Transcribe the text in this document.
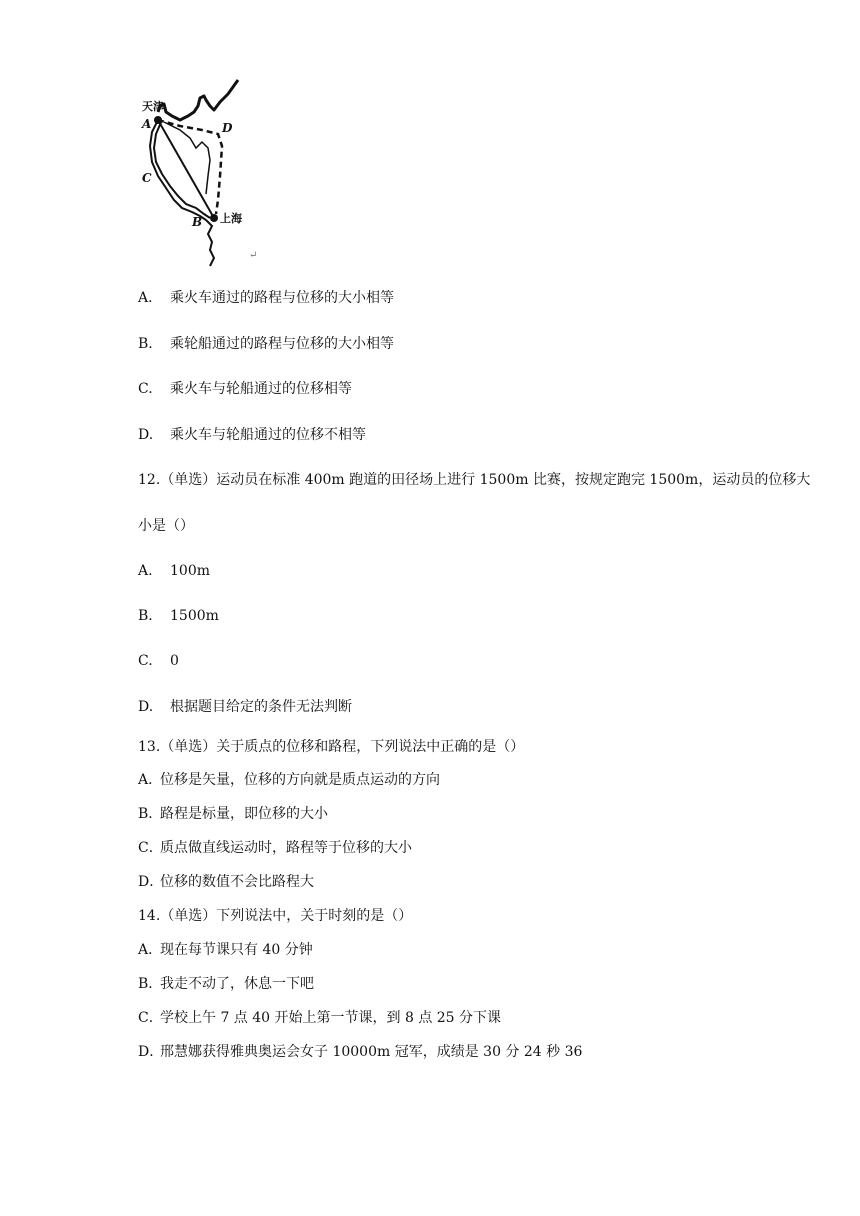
天津
A	D
C
B 上海
↵
A. 乘火车通过的路程与位移的大小相等
B. 乘轮船通过的路程与位移的大小相等
C. 乘火车与轮船通过的位移相等
D. 乘火车与轮船通过的位移不相等
12.（单选）运动员在标准 400m 跑道的田径场上进行 1500m 比赛，按规定跑完 1500m，运动员的位移大
小是（）
A. 100m
B. 1500m
C. 0
D. 根据题目给定的条件无法判断
13.（单选）关于质点的位移和路程，下列说法中正确的是（）
A．位移是矢量，位移的方向就是质点运动的方向
B．路程是标量，即位移的大小
C．质点做直线运动时，路程等于位移的大小
D．位移的数值不会比路程大
14.（单选）下列说法中，关于时刻的是（）
A．现在每节课只有 40 分钟
B．我走不动了，休息一下吧
C．学校上午 7 点 40 开始上第一节课，到 8 点 25 分下课
D．邢慧娜获得雅典奥运会女子 10000m 冠军，成绩是 30 分 24 秒 36
